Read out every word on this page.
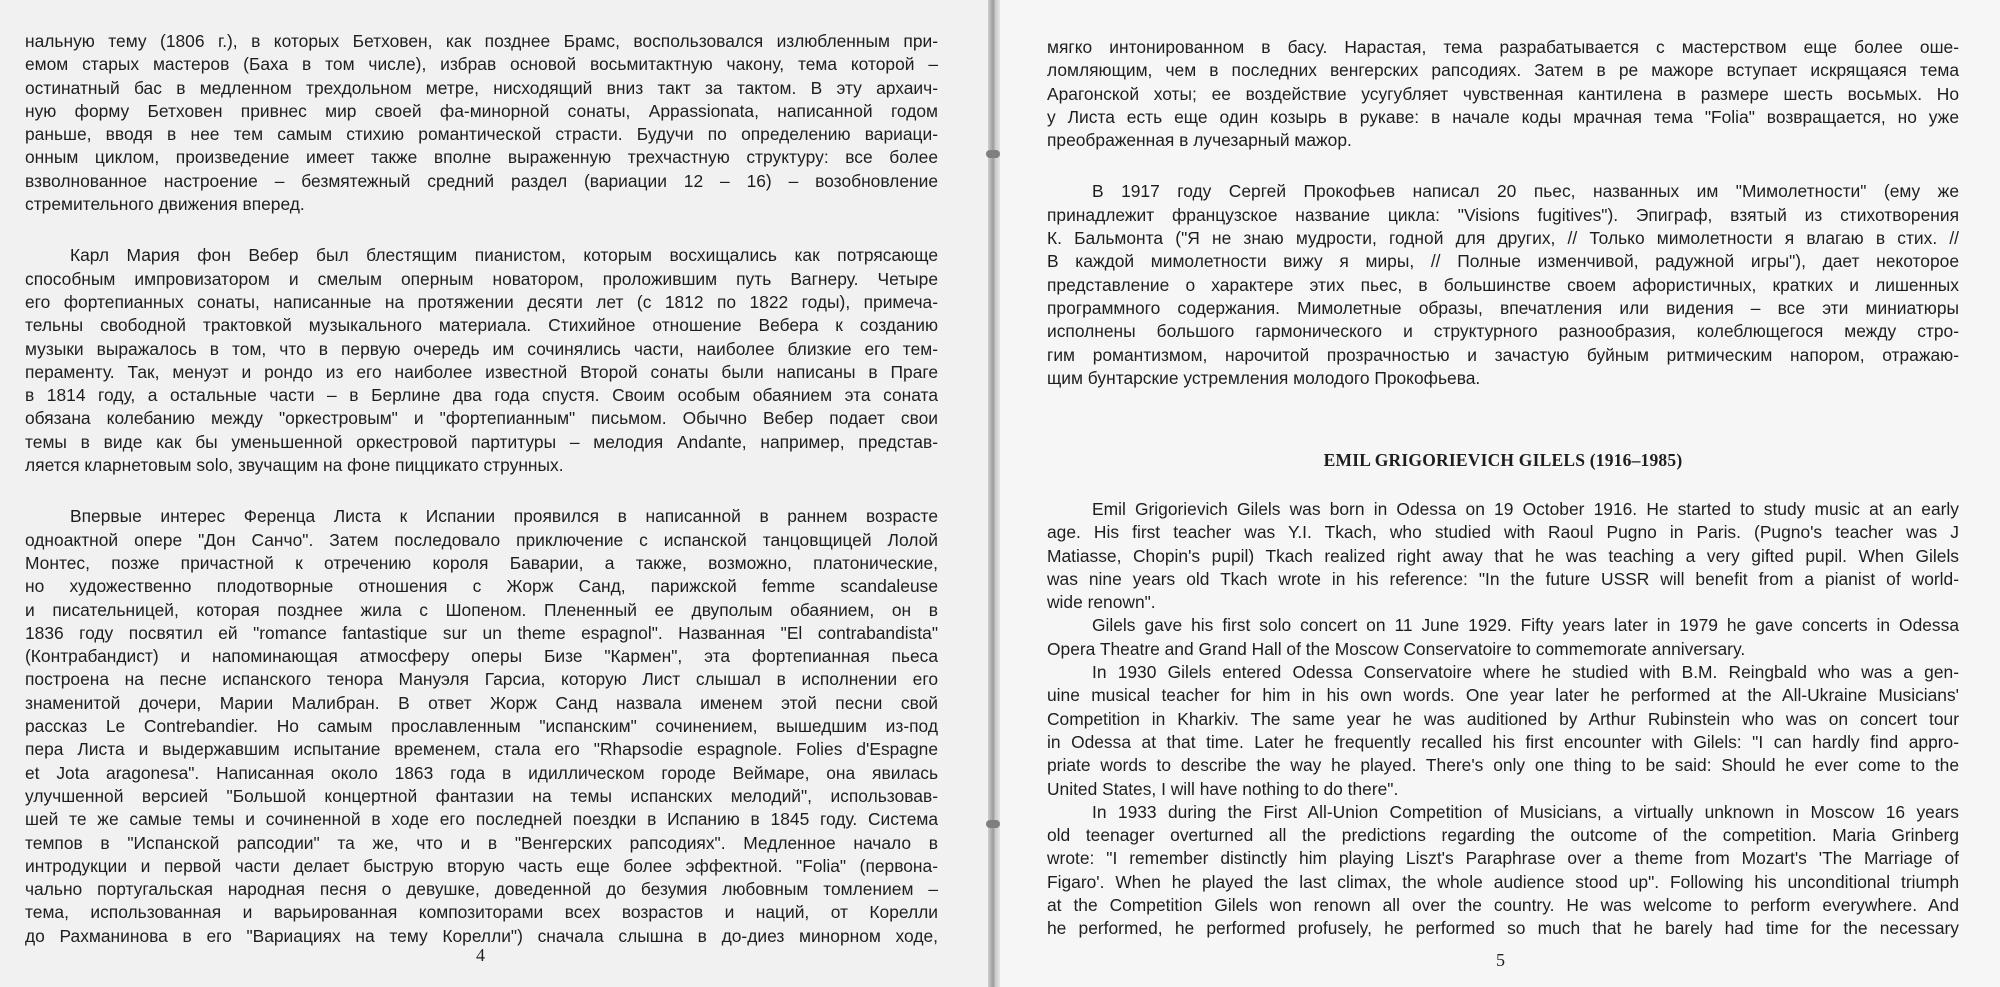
нальную тему (1806 г.), в которых Бетховен, как позднее Брамс, воспользовался излюбленным при-
емом старых мастеров (Баха в том числе), избрав основой восьмитактную чакону, тема которой –
остинатный бас в медленном трехдольном метре, нисходящий вниз такт за тактом. В эту архаич-
ную форму Бетховен привнес мир своей фа-минорной сонаты, Appassionata, написанной годом
раньше, вводя в нее тем самым стихию романтической страсти. Будучи по определению вариаци-
онным циклом, произведение имеет также вполне выраженную трехчастную структуру: все более
взволнованное настроение – безмятежный средний раздел (вариации 12 – 16) – возобновление
стремительного движения вперед.
Карл Мария фон Вебер был блестящим пианистом, которым восхищались как потрясающе
способным импровизатором и смелым оперным новатором, проложившим путь Вагнеру. Четыре
его фортепианных сонаты, написанные на протяжении десяти лет (с 1812 по 1822 годы), примеча-
тельны свободной трактовкой музыкального материала. Стихийное отношение Вебера к созданию
музыки выражалось в том, что в первую очередь им сочинялись части, наиболее близкие его тем-
пераменту. Так, менуэт и рондо из его наиболее известной Второй сонаты были написаны в Праге
в 1814 году, а остальные части – в Берлине два года спустя. Своим особым обаянием эта соната
обязана колебанию между "оркестровым" и "фортепианным" письмом. Обычно Вебер подает свои
темы в виде как бы уменьшенной оркестровой партитуры – мелодия Andante, например, представ-
ляется кларнетовым solo, звучащим на фоне пиццикато струнных.
Впервые интерес Ференца Листа к Испании проявился в написанной в раннем возрасте
одноактной опере "Дон Санчо". Затем последовало приключение с испанской танцовщицей Лолой
Монтес, позже причастной к отречению короля Баварии, а также, возможно, платонические,
но художественно плодотворные отношения с Жорж Санд, парижской femme scandaleuse
и писательницей, которая позднее жила с Шопеном. Плененный ее двуполым обаянием, он в
1836 году посвятил ей "romance fantastique sur un theme espagnol". Названная "El contrabandista"
(Контрабандист) и напоминающая атмосферу оперы Бизе "Кармен", эта фортепианная пьеса
построена на песне испанского тенора Мануэля Гарсиа, которую Лист слышал в исполнении его
знаменитой дочери, Марии Малибран. В ответ Жорж Санд назвала именем этой песни свой
рассказ Le Contrebandier. Но самым прославленным "испанским" сочинением, вышедшим из-под
пера Листа и выдержавшим испытание временем, стала его "Rhapsodie espagnole. Folies d'Espagne
et Jota aragonesa". Написанная около 1863 года в идиллическом городе Веймаре, она явилась
улучшенной версией "Большой концертной фантазии на темы испанских мелодий", использовав-
шей те же самые темы и сочиненной в ходе его последней поездки в Испанию в 1845 году. Система
темпов в "Испанской рапсодии" та же, что и в "Венгерских рапсодиях". Медленное начало в
интродукции и первой части делает быструю вторую часть еще более эффектной. "Folia" (первона-
чально португальская народная песня о девушке, доведенной до безумия любовным томлением –
тема, использованная и варьированная композиторами всех возрастов и наций, от Корелли
до Рахманинова в его "Вариациях на тему Корелли") сначала слышна в до-диез минорном ходе,
4
мягко интонированном в басу. Нарастая, тема разрабатывается с мастерством еще более оше-
ломляющим, чем в последних венгерских рапсодиях. Затем в ре мажоре вступает искрящаяся тема
Арагонской хоты; ее воздействие усугубляет чувственная кантилена в размере шесть восьмых. Но
у Листа есть еще один козырь в рукаве: в начале коды мрачная тема "Folia" возвращается, но уже
преображенная в лучезарный мажор.
В 1917 году Сергей Прокофьев написал 20 пьес, названных им "Мимолетности" (ему же
принадлежит французское название цикла: "Visions fugitives"). Эпиграф, взятый из стихотворения
К. Бальмонта ("Я не знаю мудрости, годной для других, // Только мимолетности я влагаю в стих. //
В каждой мимолетности вижу я миры, // Полные изменчивой, радужной игры"), дает некоторое
представление о характере этих пьес, в большинстве своем афористичных, кратких и лишенных
программного содержания. Мимолетные образы, впечатления или видения – все эти миниатюры
исполнены большого гармонического и структурного разнообразия, колеблющегося между стро-
гим романтизмом, нарочитой прозрачностью и зачастую буйным ритмическим напором, отражаю-
щим бунтарские устремления молодого Прокофьева.
EMIL GRIGORIEVICH GILELS (1916–1985)
Emil Grigorievich Gilels was born in Odessa on 19 October 1916. He started to study music at an early
age. His first teacher was Y.I. Tkach, who studied with Raoul Pugno in Paris. (Pugno's teacher was J
Matiasse, Chopin's pupil) Tkach realized right away that he was teaching a very gifted pupil. When Gilels
was nine years old Tkach wrote in his reference: "In the future USSR will benefit from a pianist of world-
wide renown".
Gilels gave his first solo concert on 11 June 1929. Fifty years later in 1979 he gave concerts in Odessa
Opera Theatre and Grand Hall of the Moscow Conservatoire to commemorate anniversary.
In 1930 Gilels entered Odessa Conservatoire where he studied with B.M. Reingbald who was a gen-
uine musical teacher for him in his own words. One year later he performed at the All-Ukraine Musicians'
Competition in Kharkiv. The same year he was auditioned by Arthur Rubinstein who was on concert tour
in Odessa at that time. Later he frequently recalled his first encounter with Gilels: "I can hardly find appro-
priate words to describe the way he played. There's only one thing to be said: Should he ever come to the
United States, I will have nothing to do there".
In 1933 during the First All-Union Competition of Musicians, a virtually unknown in Moscow 16 years
old teenager overturned all the predictions regarding the outcome of the competition. Maria Grinberg
wrote: "I remember distinctly him playing Liszt's Paraphrase over a theme from Mozart's 'The Marriage of
Figaro'. When he played the last climax, the whole audience stood up". Following his unconditional triumph
at the Competition Gilels won renown all over the country. He was welcome to perform everywhere. And
he performed, he performed profusely, he performed so much that he barely had time for the necessary
5
